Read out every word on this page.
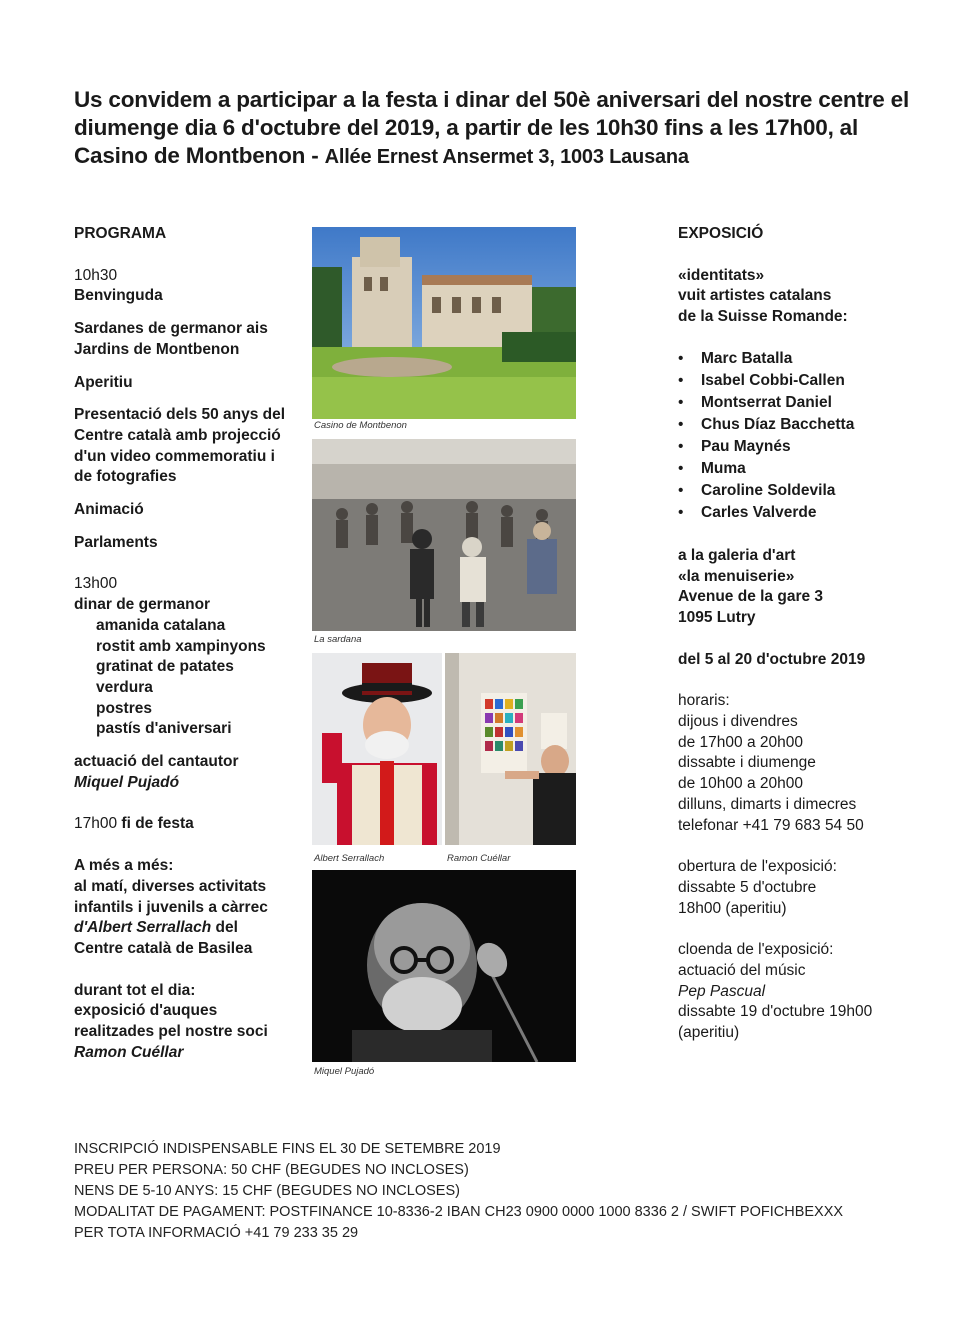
Us convidem a participar a la festa i dinar del 50è aniversari del nostre centre el diumenge dia 6 d'octubre del 2019, a partir de les 10h30 fins a les 17h00, al Casino de Montbenon - Allée Ernest Ansermet 3, 1003 Lausana

PROGRAMA

10h30

Benvinguda

Sardanes de germanor ais

Jardins de Montbenon

Aperitiu

Presentació dels 50 anys del

Centre català amb projecció

d'un video commemoratiu i

de fotografies

Animació

Parlaments

13h00

dinar de germanor

amanida catalana

rostit amb xampinyons

gratinat de patates

verdura

postres

pastís d'aniversari

actuació del cantautor

Miquel Pujadó

17h00 fi de festa

A més a més:

al matí, diverses activitats

infantils i juvenils a càrrec

d'Albert Serrallach del

Centre català de Basilea

durant tot el dia:

exposició d'auques

realitzades pel nostre soci

Ramon Cuéllar

Casino de Montbenon
La sardana
Albert Serrallach	Ramon Cuéllar
Miquel Pujadó

EXPOSICIÓ

«identitats»

vuit artistes catalans

de la Suisse Romande:

• Marc Batalla
• Isabel Cobbi-Callen
• Montserrat Daniel
• Chus Díaz Bacchetta
• Pau Maynés
• Muma
• Caroline Soldevila
• Carles Valverde

a la galeria d'art

«la menuiserie»

Avenue de la gare 3

1095 Lutry

del 5 al 20 d'octubre 2019

horaris:

dijous i divendres

de 17h00 a 20h00

dissabte i diumenge

de 10h00 a 20h00

dilluns, dimarts i dimecres

telefonar +41 79 683 54 50

obertura de l'exposició:

dissabte 5 d'octubre

18h00 (aperitiu)

cloenda de l'exposició:

actuació del músic

Pep Pascual

dissabte 19 d'octubre 19h00

(aperitiu)

INSCRIPCIÓ INDISPENSABLE FINS EL 30 DE SETEMBRE 2019

PREU PER PERSONA: 50 CHF (BEGUDES NO INCLOSES)

NENS DE 5-10 ANYS: 15 CHF (BEGUDES NO INCLOSES)

MODALITAT DE PAGAMENT: POSTFINANCE 10-8336-2 IBAN CH23 0900 0000 1000 8336 2 / SWIFT POFICHBEXXX

PER TOTA INFORMACIÓ +41 79 233 35 29
